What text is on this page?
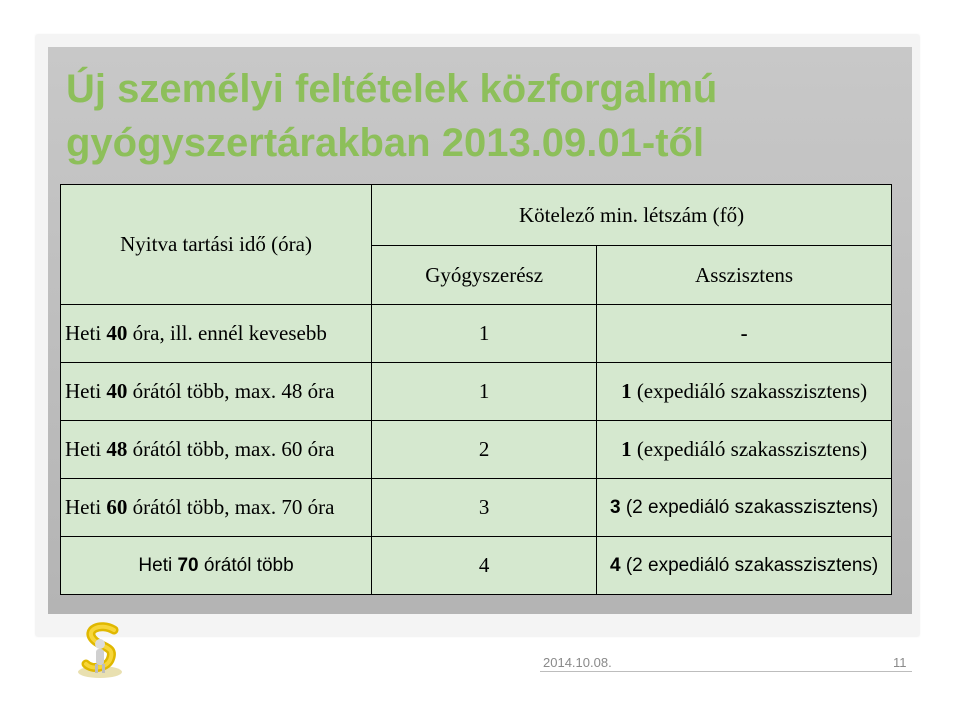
Új személyi feltételek közforgalmú
gyógyszertárakban 2013.09.01-től
Nyitva tartási idő (óra)	Kötelező min. létszám (fő)	
	Gyógyszerész	Asszisztens
Heti 40 óra, ill. ennél kevesebb	1	-
Heti 40 órától több, max. 48 óra	1	1 (expediáló szakasszisztens)
Heti 48 órától több, max. 60 óra	2	1 (expediáló szakasszisztens)
Heti 60 órától több, max. 70 óra	3	3 (2 expediáló szakasszisztens)
Heti 70 órától több	4	4 (2 expediáló szakasszisztens)
2014.10.08.	11
